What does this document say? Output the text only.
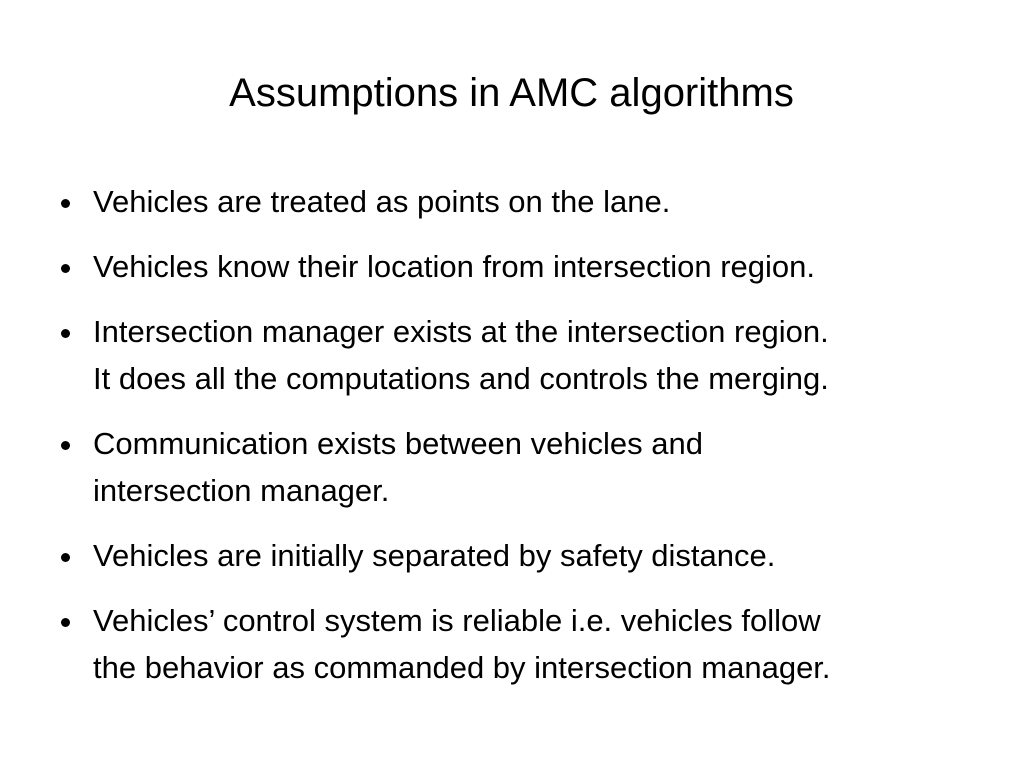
Assumptions in AMC algorithms
Vehicles are treated as points on the lane.
Vehicles know their location from intersection region.
Intersection manager exists at the intersection region.
It does all the computations and controls the merging.
Communication exists between vehicles and
intersection manager.
Vehicles are initially separated by safety distance.
Vehicles’ control system is reliable i.e. vehicles follow
the behavior as commanded by intersection manager.
